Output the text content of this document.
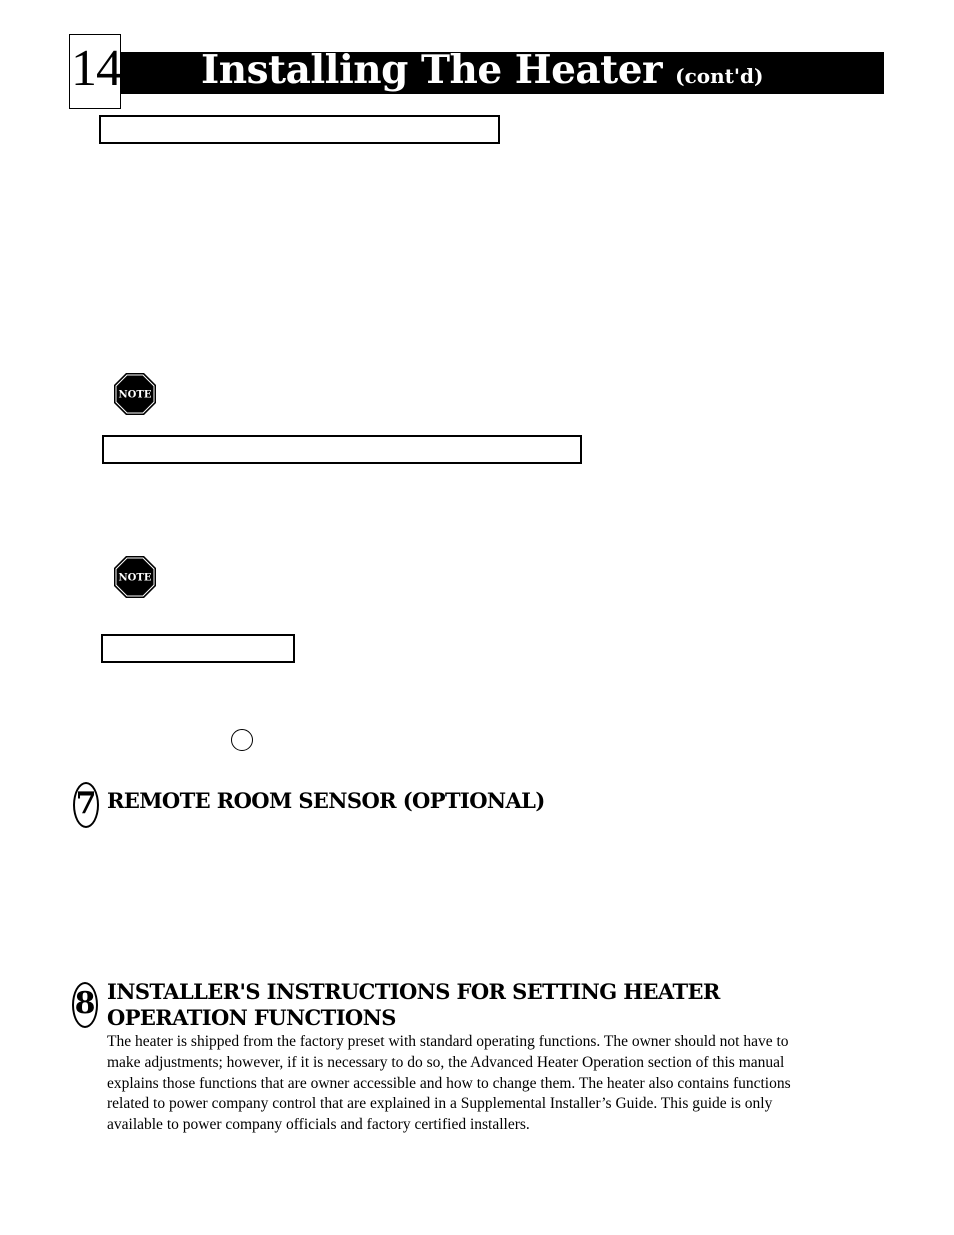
14 Installing The Heater (cont'd)
NOTE
NOTE
7 REMOTE ROOM SENSOR (OPTIONAL)
8 INSTALLER'S INSTRUCTIONS FOR SETTING HEATER
OPERATION FUNCTIONS
The heater is shipped from the factory preset with standard operating functions. The owner should not have to
make adjustments; however, if it is necessary to do so, the Advanced Heater Operation section of this manual
explains those functions that are owner accessible and how to change them. The heater also contains functions
related to power company control that are explained in a Supplemental Installer’s Guide. This guide is only
available to power company officials and factory certified installers.
